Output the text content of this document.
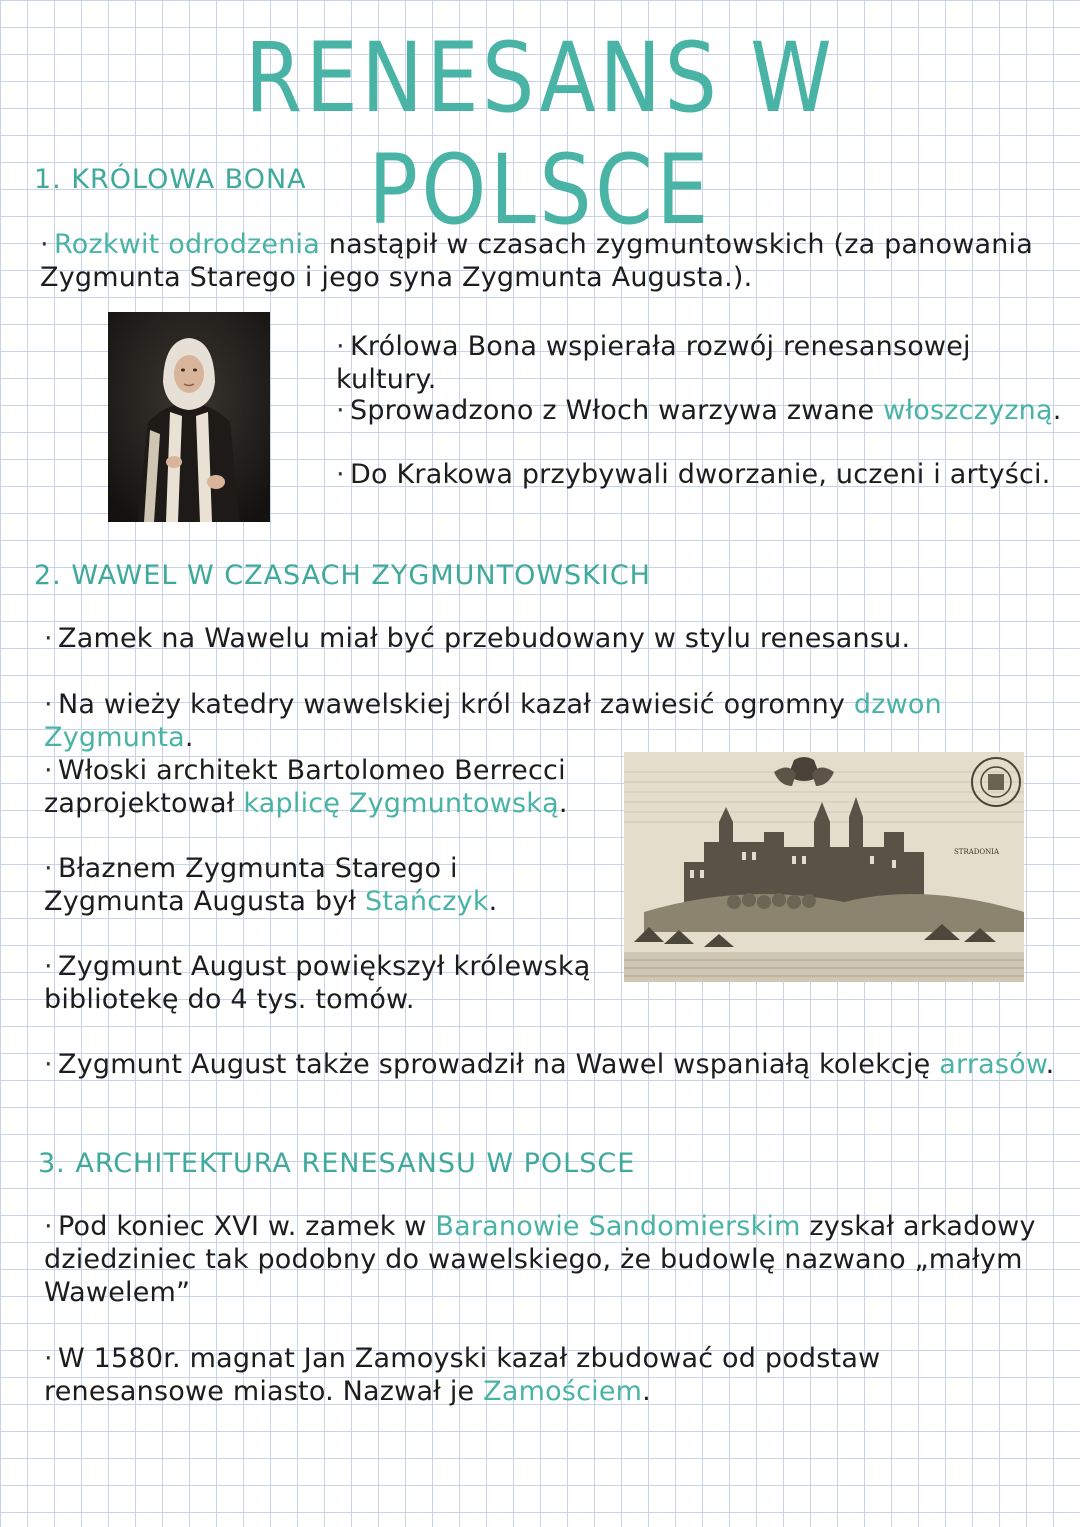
RENESANS W POLSCE
1. KRÓLOWA BONA
· Rozkwit odrodzenia nastąpił w czasach zygmuntowskich (za panowania Zygmunta Starego i jego syna Zygmunta Augusta.).
· Królowa Bona wspierała rozwój renesansowej kultury.
· Sprowadzono z Włoch warzywa zwane włoszczyzną.
· Do Krakowa przybywali dworzanie, uczeni i artyści.
2. WAWEL W CZASACH ZYGMUNTOWSKICH
· Zamek na Wawelu miał być przebudowany w stylu renesansu.
· Na wieży katedry wawelskiej król kazał zawiesić ogromny dzwon Zygmunta.
· Włoski architekt Bartolomeo Berrecci zaprojektował kaplicę Zygmuntowską.
· Błaznem Zygmunta Starego i Zygmunta Augusta był Stańczyk.
· Zygmunt August powiększył królewską bibliotekę do 4 tys. tomów.
STRADONIA
· Zygmunt August także sprowadził na Wawel wspaniałą kolekcję arrasów.
3. ARCHITEKTURA RENESANSU W POLSCE
· Pod koniec XVI w. zamek w Baranowie Sandomierskim zyskał arkadowy dziedziniec tak podobny do wawelskiego, że budowlę nazwano „małym Wawelem”
· W 1580r. magnat Jan Zamoyski kazał zbudować od podstaw renesansowe miasto. Nazwał je Zamościem.
